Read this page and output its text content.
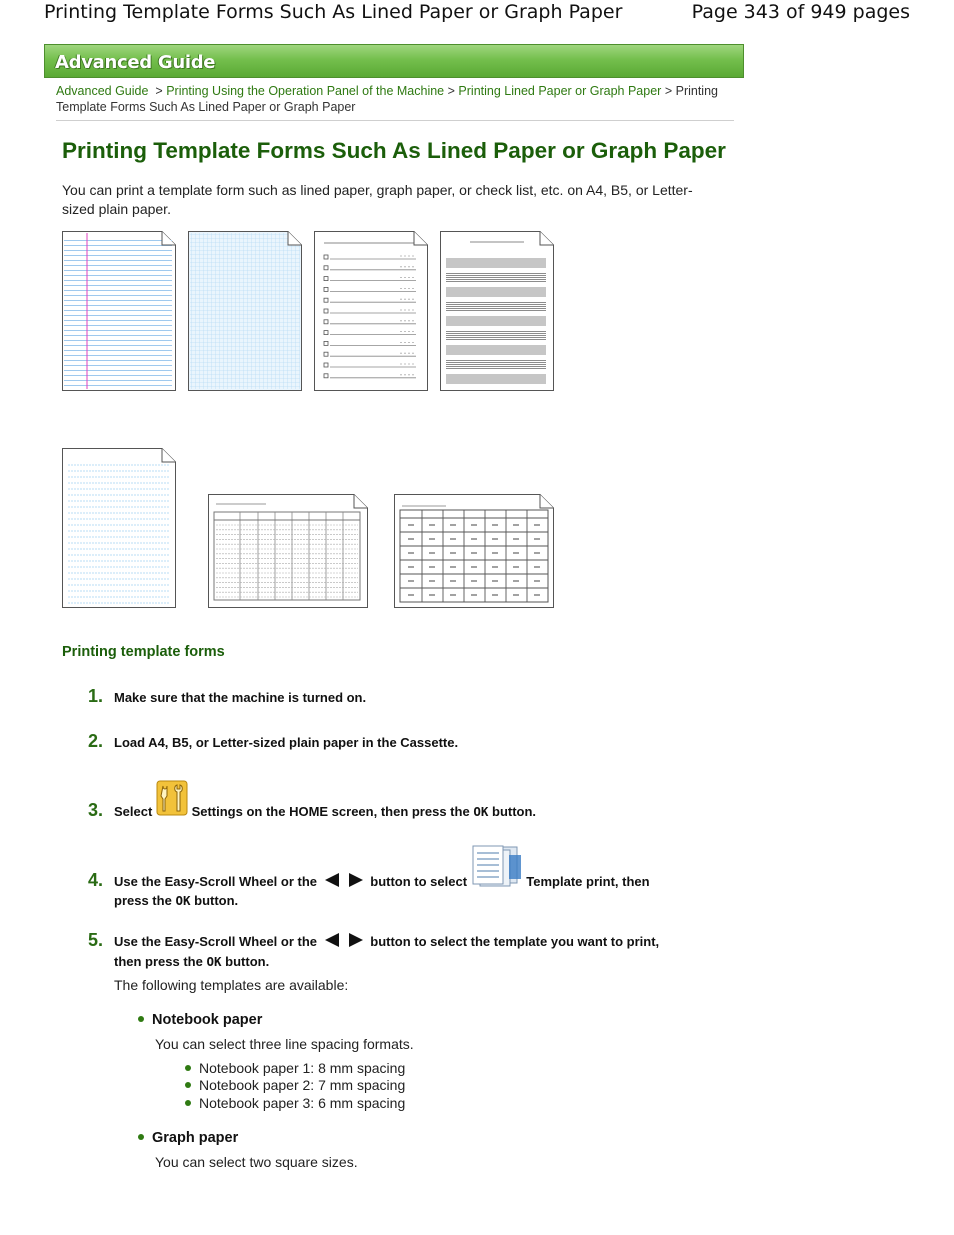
Printing Template Forms Such As Lined Paper or Graph Paper	Page 343 of 949 pages
Advanced Guide
Advanced Guide > Printing Using the Operation Panel of the Machine > Printing Lined Paper or Graph Paper > Printing Template Forms Such As Lined Paper or Graph Paper
Printing Template Forms Such As Lined Paper or Graph Paper
You can print a template form such as lined paper, graph paper, or check list, etc. on A4, B5, or Letter-sized plain paper.
Printing template forms
1. Make sure that the machine is turned on.
2. Load A4, B5, or Letter-sized plain paper in the Cassette.
3. Select	Settings on the HOME screen, then press the OK button.
4. Use the Easy-Scroll Wheel or the	button to select	Template print, then
press the OK button.
5. Use the Easy-Scroll Wheel or the	button to select the template you want to print,
then press the OK button.
The following templates are available:
Notebook paper
You can select three line spacing formats.
Notebook paper 1: 8 mm spacing
Notebook paper 2: 7 mm spacing
Notebook paper 3: 6 mm spacing
Graph paper
You can select two square sizes.
